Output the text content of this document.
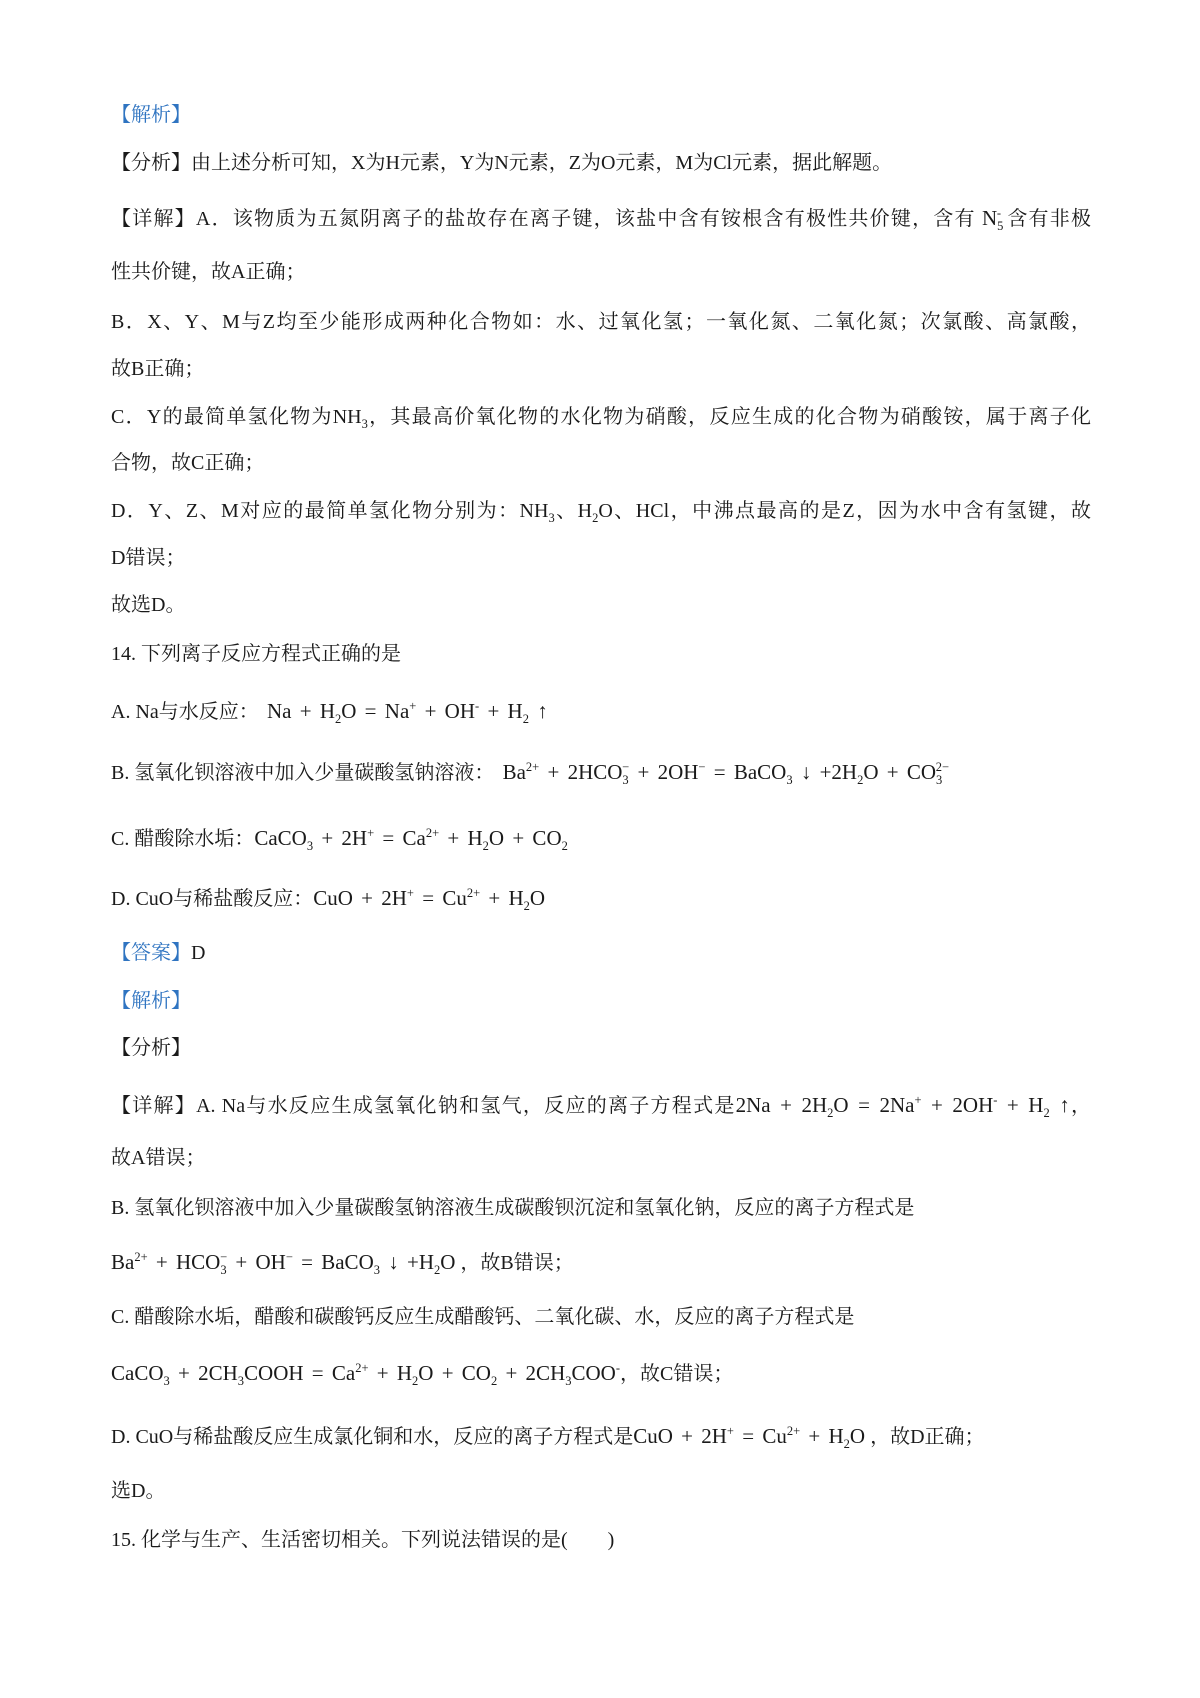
【解析】
【分析】由上述分析可知，X为H元素，Y为N元素，Z为O元素，M为Cl元素，据此解题。
【详解】A．该物质为五氮阴离子的盐故存在离子键，该盐中含有铵根含有极性共价键，含有 $N_5^-$ 含有非极
性共价键，故A正确；
B．X、Y、M与Z均至少能形成两种化合物如：水、过氧化氢；一氧化氮、二氧化氮；次氯酸、高氯酸，
故B正确；
C．Y的最简单氢化物为$NH_3$，其最高价氧化物的水化物为硝酸，反应生成的化合物为硝酸铵，属于离子化
合物，故C正确；
D．Y、Z、M对应的最简单氢化物分别为：$NH_3$、$H_2O$、HCl，中沸点最高的是Z，因为水中含有氢键，故
D错误；
故选D。
14. 下列离子反应方程式正确的是
A. Na与水反应： $Na + H_2O = Na^+ + OH^- + H_2$ ↑
B. 氢氧化钡溶液中加入少量碳酸氢钠溶液： $Ba^{2+} + 2HCO_3^- + 2OH^-$ = BaCO$_3$ ↓ $+2H_2O + CO_3^{2-}$
C. 醋酸除水垢：CaCO$_3$ + $2H^+ = Ca^{2+} + H_2O + CO_2$
D. CuO与稀盐酸反应：CuO + $2H^+ = Cu^{2+} + H_2O$
【答案】D
【解析】
【分析】
【详解】A. Na与水反应生成氢氧化钠和氢气，反应的离子方程式是$2Na + 2H_2O = 2Na^+ + 2OH^- + H_2$ ↑，
故A错误；
B. 氢氧化钡溶液中加入少量碳酸氢钠溶液生成碳酸钡沉淀和氢氧化钠，反应的离子方程式是
$Ba^{2+} + HCO_3^- + OH^-$ = BaCO$_3$ ↓ $+H_2O$ ，故B错误；
C. 醋酸除水垢，醋酸和碳酸钙反应生成醋酸钙、二氧化碳、水，反应的离子方程式是
CaCO$_3$ + $2CH_3COOH = Ca^{2+} + H_2O + CO_2 + 2CH_3COO^-$，故C错误；
D. CuO与稀盐酸反应生成氯化铜和水，反应的离子方程式是CuO + $2H^+ = Cu^{2+} + H_2O$ ，故D正确；
选D。
15. 化学与生产、生活密切相关。下列说法错误的是(　　)
